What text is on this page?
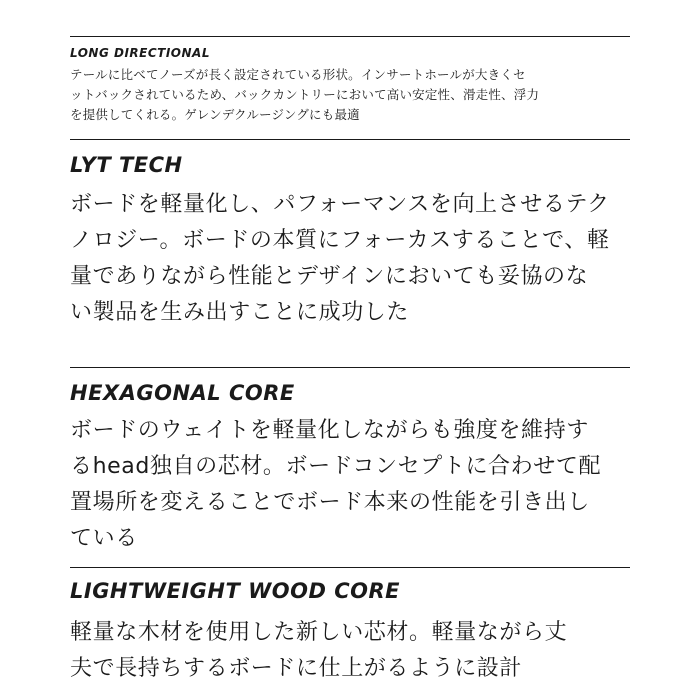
LONG DIRECTIONAL

テールに比べてノーズが長く設定されている形状。インサートホールが大きくセ
ットバックされているため、バックカントリーにおいて高い安定性、滑走性、浮力
を提供してくれる。ゲレンデクルージングにも最適

LYT TECH

ボードを軽量化し、パフォーマンスを向上させるテク
ノロジー。ボードの本質にフォーカスすることで、軽
量でありながら性能とデザインにおいても妥協のな
い製品を生み出すことに成功した

HEXAGONAL CORE

ボードのウェイトを軽量化しながらも強度を維持す
るhead独自の芯材。ボードコンセプトに合わせて配
置場所を変えることでボード本来の性能を引き出し
ている

LIGHTWEIGHT WOOD CORE

軽量な木材を使用した新しい芯材。軽量ながら丈
夫で長持ちするボードに仕上がるように設計
